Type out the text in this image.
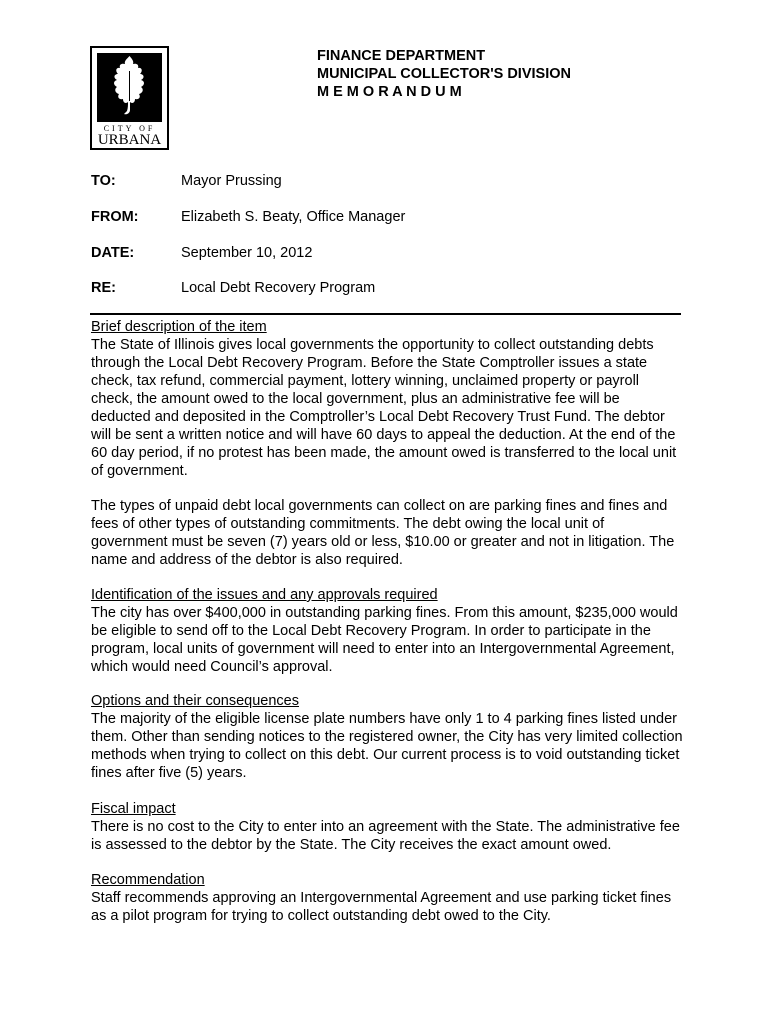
CITY OF
URBANA
FINANCE DEPARTMENT
MUNICIPAL COLLECTOR'S DIVISION
M E M O R A N D U M
TO:	Mayor Prussing
FROM:	Elizabeth S. Beaty, Office Manager
DATE:	September 10, 2012
RE:	Local Debt Recovery Program

Brief description of the item

The State of Illinois gives local governments the opportunity to collect outstanding debts through the Local Debt Recovery Program. Before the State Comptroller issues a state check, tax refund, commercial payment, lottery winning, unclaimed property or payroll check, the amount owed to the local government, plus an administrative fee will be deducted and deposited in the Comptroller’s Local Debt Recovery Trust Fund. The debtor will be sent a written notice and will have 60 days to appeal the deduction. At the end of the 60 day period, if no protest has been made, the amount owed is transferred to the local unit of government.

The types of unpaid debt local governments can collect on are parking fines and fines and fees of other types of outstanding commitments. The debt owing the local unit of government must be seven (7) years old or less, $10.00 or greater and not in litigation. The name and address of the debtor is also required.

Identification of the issues and any approvals required

The city has over $400,000 in outstanding parking fines. From this amount, $235,000 would be eligible to send off to the Local Debt Recovery Program. In order to participate in the program, local units of government will need to enter into an Intergovernmental Agreement, which would need Council’s approval.

Options and their consequences

The majority of the eligible license plate numbers have only 1 to 4 parking fines listed under them. Other than sending notices to the registered owner, the City has very limited collection methods when trying to collect on this debt. Our current process is to void outstanding ticket fines after five (5) years.

Fiscal impact

There is no cost to the City to enter into an agreement with the State. The administrative fee is assessed to the debtor by the State. The City receives the exact amount owed.

Recommendation

Staff recommends approving an Intergovernmental Agreement and use parking ticket fines as a pilot program for trying to collect outstanding debt owed to the City.
